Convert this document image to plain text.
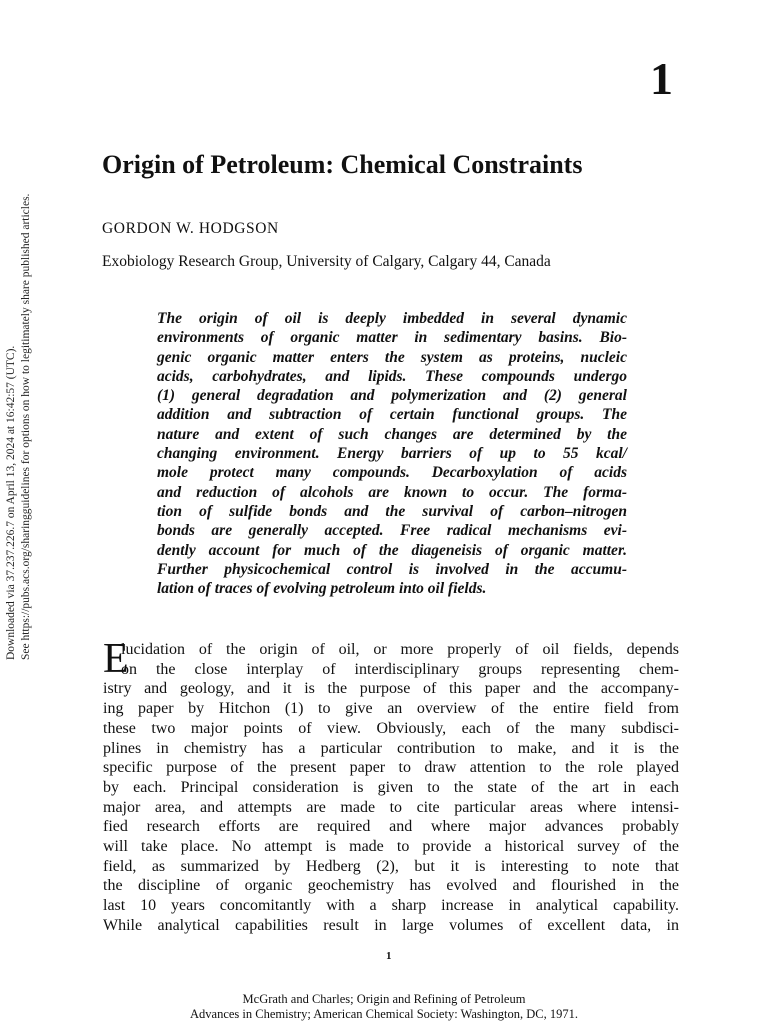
Downloaded via 37.237.226.7 on April 13, 2024 at 16:42:57 (UTC). See https://pubs.acs.org/sharingguidelines for options on how to legitimately share published articles.
1
Origin of Petroleum: Chemical Constraints
GORDON W. HODGSON
Exobiology Research Group, University of Calgary, Calgary 44, Canada
The origin of oil is deeply imbedded in several dynamic
environments of organic matter in sedimentary basins. Bio-
genic organic matter enters the system as proteins, nucleic
acids, carbohydrates, and lipids. These compounds undergo
(1) general degradation and polymerization and (2) general
addition and subtraction of certain functional groups. The
nature and extent of such changes are determined by the
changing environment. Energy barriers of up to 55 kcal/
mole protect many compounds. Decarboxylation of acids
and reduction of alcohols are known to occur. The forma-
tion of sulfide bonds and the survival of carbon–nitrogen
bonds are generally accepted. Free radical mechanisms evi-
dently account for much of the diageneisis of organic matter.
Further physicochemical control is involved in the accumu-
lation of traces of evolving petroleum into oil fields.
E
lucidation of the origin of oil, or more properly of oil fields, depends
on the close interplay of interdisciplinary groups representing chem-
istry and geology, and it is the purpose of this paper and the accompany-
ing paper by Hitchon (1) to give an overview of the entire field from
these two major points of view. Obviously, each of the many subdisci-
plines in chemistry has a particular contribution to make, and it is the
specific purpose of the present paper to draw attention to the role played
by each. Principal consideration is given to the state of the art in each
major area, and attempts are made to cite particular areas where intensi-
fied research efforts are required and where major advances probably
will take place. No attempt is made to provide a historical survey of the
field, as summarized by Hedberg (2), but it is interesting to note that
the discipline of organic geochemistry has evolved and flourished in the
last 10 years concomitantly with a sharp increase in analytical capability.
While analytical capabilities result in large volumes of excellent data, in
1
McGrath and Charles; Origin and Refining of Petroleum
Advances in Chemistry; American Chemical Society: Washington, DC, 1971.
